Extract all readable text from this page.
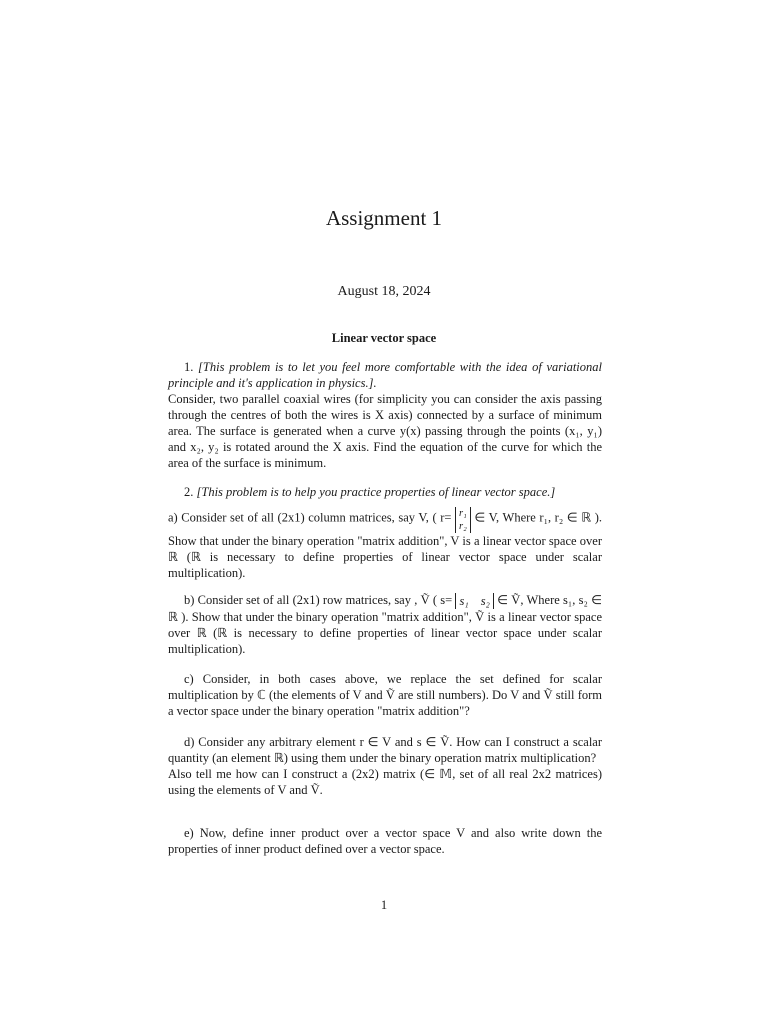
Assignment 1
August 18, 2024
Linear vector space
1. [This problem is to let you feel more comfortable with the idea of variational principle and it's application in physics.].
Consider, two parallel coaxial wires (for simplicity you can consider the axis passing through the centres of both the wires is X axis) connected by a surface of minimum area. The surface is generated when a curve y(x) passing through the points (x₁, y₁) and x₂, y₂ is rotated around the X axis. Find the equation of the curve for which the area of the surface is minimum.
2. [This problem is to help you practice properties of linear vector space.]
a) Consider set of all (2x1) column matrices, say V, ( r= r₁
r₂
∈ V, Where r₁, r₂ ∈ ℝ ). Show that under the binary operation "matrix addition", V is a linear vector space over ℝ (ℝ is necessary to define properties of linear vector space under scalar multiplication).
b) Consider set of all (2x1) row matrices, say , Ṽ ( s= s₁ s₂ ∈ Ṽ, Where s₁, s₂ ∈ ℝ ). Show that under the binary operation "matrix addition", Ṽ is a linear vector space over ℝ (ℝ is necessary to define properties of linear vector space under scalar multiplication).
c) Consider, in both cases above, we replace the set defined for scalar multiplication by ℂ (the elements of V and Ṽ are still numbers). Do V and Ṽ still form a vector space under the binary operation "matrix addition"?
d) Consider any arbitrary element r ∈ V and s ∈ Ṽ. How can I construct a scalar quantity (an element ℝ) using them under the binary operation matrix multiplication?
Also tell me how can I construct a (2x2) matrix (∈ 𝕄, set of all real 2x2 matrices) using the elements of V and Ṽ.
e) Now, define inner product over a vector space V and also write down the properties of inner product defined over a vector space.
1
